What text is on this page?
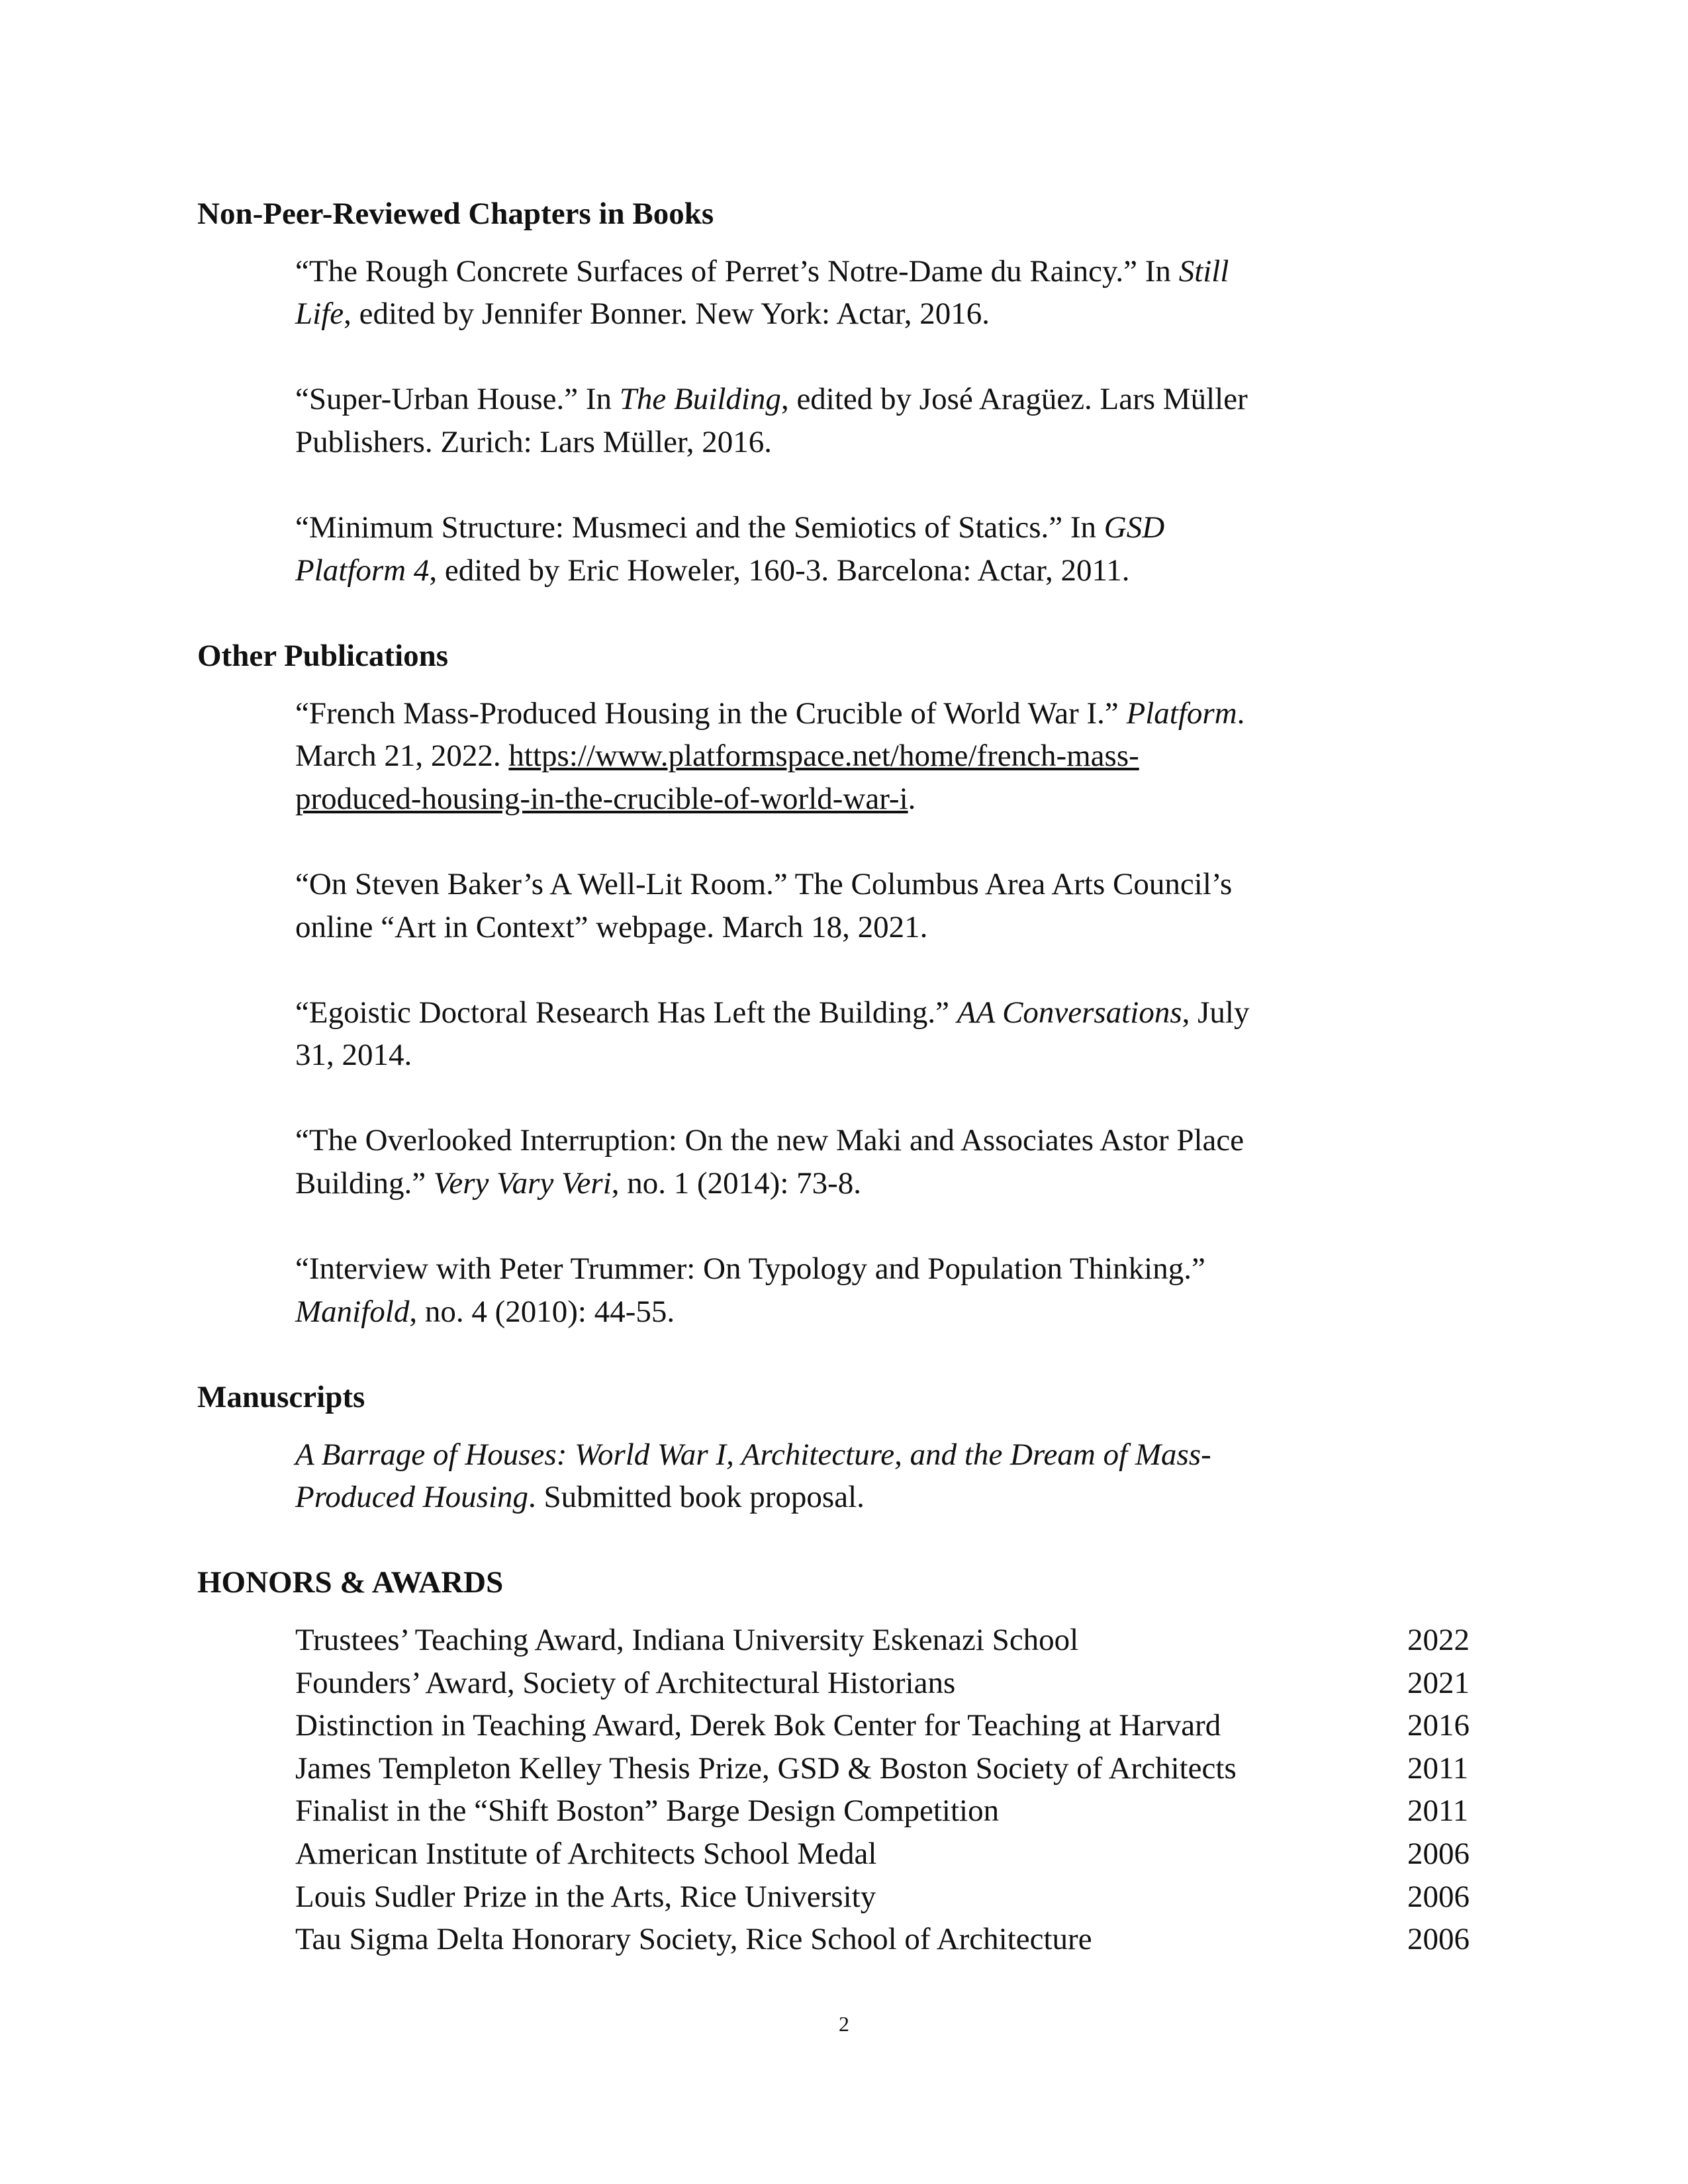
Non-Peer-Reviewed Chapters in Books
“The Rough Concrete Surfaces of Perret’s Notre-Dame du Raincy.” In Still
Life, edited by Jennifer Bonner. New York: Actar, 2016.
“Super-Urban House.” In The Building, edited by José Aragüez. Lars Müller
Publishers. Zurich: Lars Müller, 2016.
“Minimum Structure: Musmeci and the Semiotics of Statics.” In GSD
Platform 4, edited by Eric Howeler, 160-3. Barcelona: Actar, 2011.
Other Publications
“French Mass-Produced Housing in the Crucible of World War I.” Platform.
March 21, 2022. https://www.platformspace.net/home/french-mass-
produced-housing-in-the-crucible-of-world-war-i.
“On Steven Baker’s A Well-Lit Room.” The Columbus Area Arts Council’s
online “Art in Context” webpage. March 18, 2021.
“Egoistic Doctoral Research Has Left the Building.” AA Conversations, July
31, 2014.
“The Overlooked Interruption: On the new Maki and Associates Astor Place
Building.” Very Vary Veri, no. 1 (2014): 73-8.
“Interview with Peter Trummer: On Typology and Population Thinking.”
Manifold, no. 4 (2010): 44-55.
Manuscripts
A Barrage of Houses: World War I, Architecture, and the Dream of Mass-
Produced Housing. Submitted book proposal.
HONORS & AWARDS
Trustees’ Teaching Award, Indiana University Eskenazi School	2022
Founders’ Award, Society of Architectural Historians	2021
Distinction in Teaching Award, Derek Bok Center for Teaching at Harvard	2016
James Templeton Kelley Thesis Prize, GSD & Boston Society of Architects	2011
Finalist in the “Shift Boston” Barge Design Competition	2011
American Institute of Architects School Medal	2006
Louis Sudler Prize in the Arts, Rice University	2006
Tau Sigma Delta Honorary Society, Rice School of Architecture	2006
2
